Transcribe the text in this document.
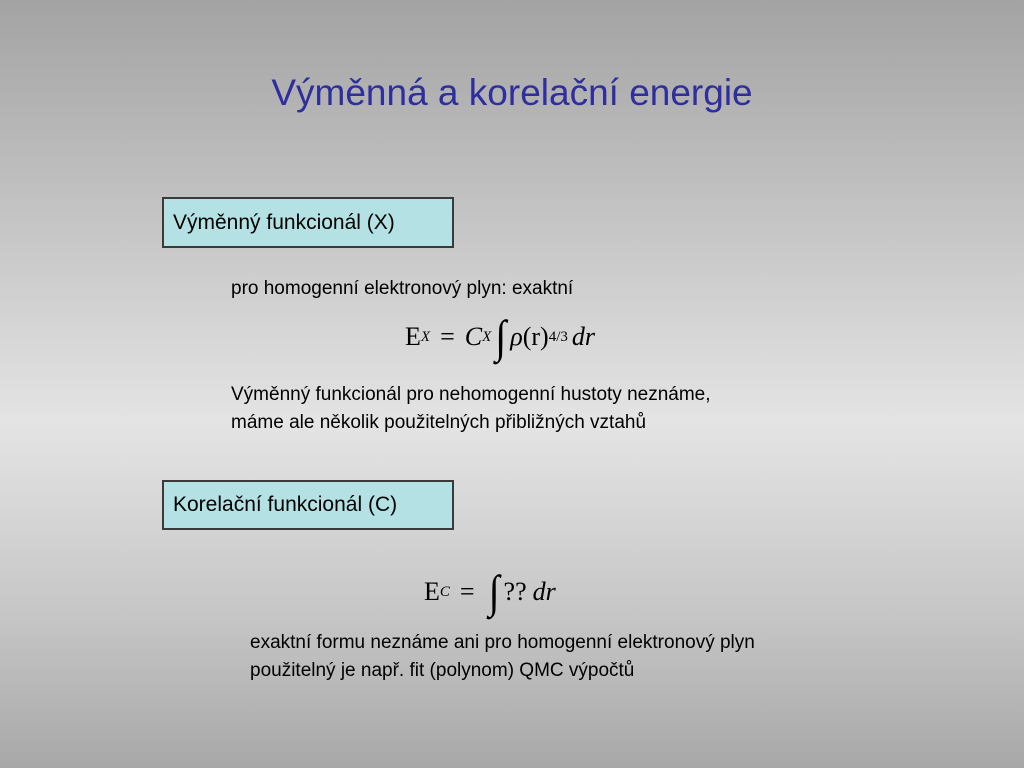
Výměnná a korelační energie
Výměnný funkcionál (X)
pro homogenní elektronový plyn: exaktní
E X = C X ∫ ρ (r) 4/3 dr
Výměnný funkcionál pro nehomogenní hustoty neznáme,
máme ale několik použitelných přibližných vztahů
Korelační funkcionál (C)
E C = ∫ ?? dr
exaktní formu neznáme ani pro homogenní elektronový plyn
použitelný je např. fit (polynom) QMC výpočtů
